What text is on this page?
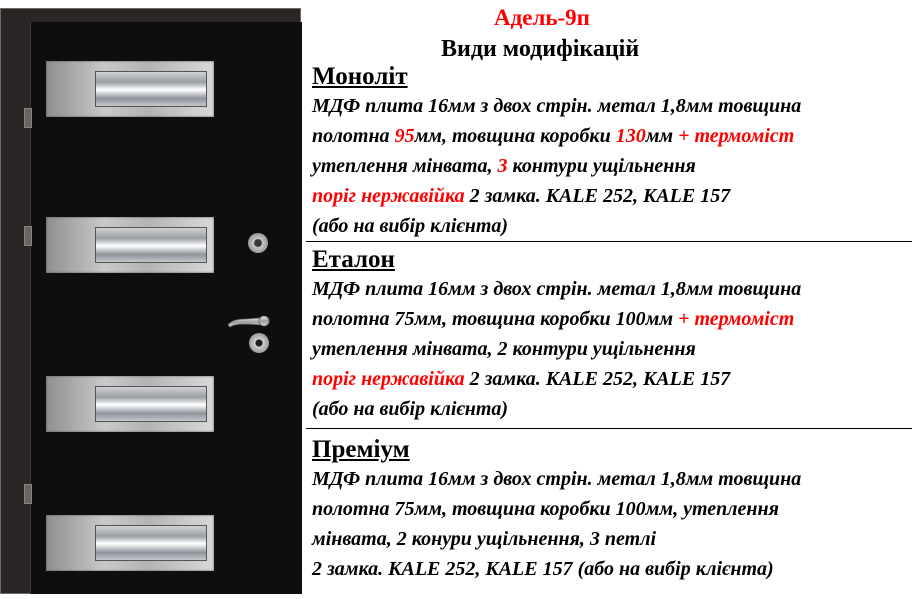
Адель-9п
Види модифікацій
Моноліт
МДФ плита 16мм з двох стрін. метал 1,8мм товщина
полотна 95мм, товщина коробки 130мм + термоміст
утеплення мінвата, 3 контури ущільнення
поріг нержавійка 2 замка. KALE 252, KALE 157
(або на вибір клієнта)
Еталон
МДФ плита 16мм з двох стрін. метал 1,8мм товщина
полотна 75мм, товщина коробки 100мм + термоміст
утеплення мінвата, 2 контури ущільнення
поріг нержавійка 2 замка. KALE 252, KALE 157
(або на вибір клієнта)
Преміум
МДФ плита 16мм з двох стрін. метал 1,8мм товщина
полотна 75мм, товщина коробки 100мм, утеплення
мінвата, 2 конури ущільнення, 3 петлі
2 замка. KALE 252, KALE 157 (або на вибір клієнта)
